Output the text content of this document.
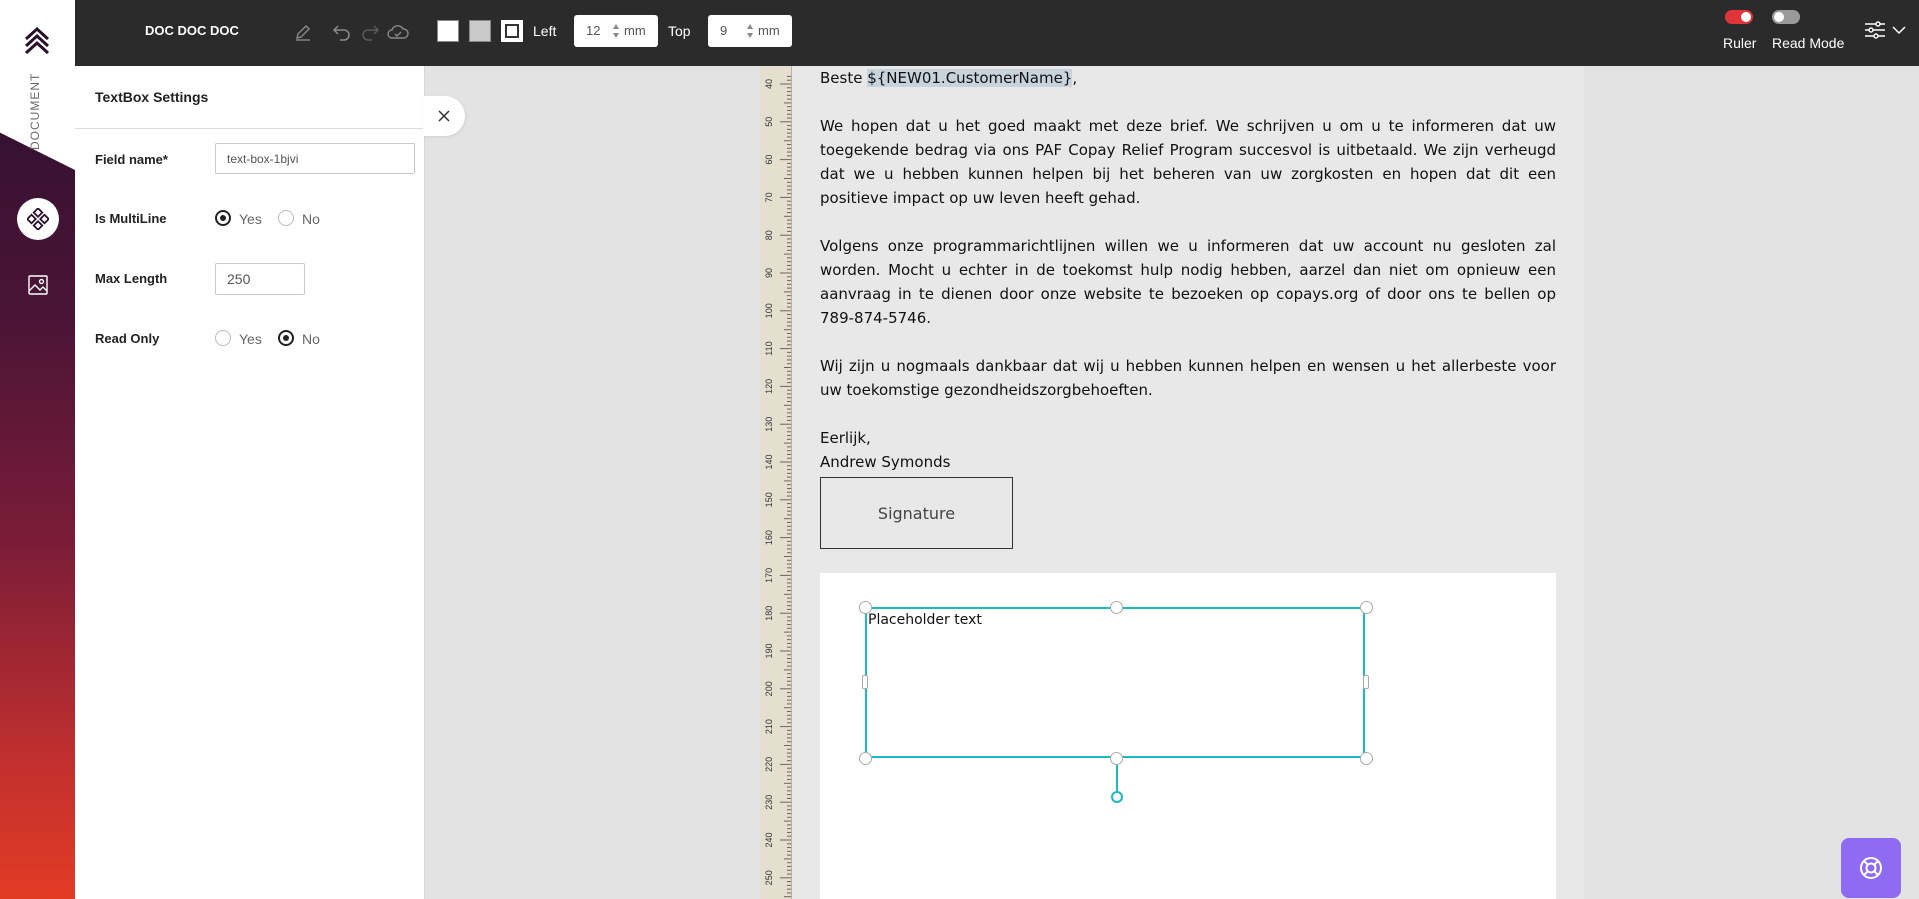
DOCUMENT
DOC DOC DOC	Left 12 mm Top 9 mm
Ruler Read Mode
TextBox Settings
Field name*	text-box-1bjvi
Is MultiLine	Yes	No
Max Length	250
Read Only	Yes	No
40
50
60
70
80
90
100
110
120
130
140
150
160
170
180
190
200
210
220
230
240
250
Beste ${NEW01.CustomerName},
We hopen dat u het goed maakt met deze brief. We schrijven u om u te informeren dat uw toegekende bedrag via ons PAF Copay Relief Program succesvol is uitbetaald. We zijn verheugd dat we u hebben kunnen helpen bij het beheren van uw zorgkosten en hopen dat dit een positieve impact op uw leven heeft gehad.
Volgens onze programmarichtlijnen willen we u informeren dat uw account nu gesloten zal worden. Mocht u echter in de toekomst hulp nodig hebben, aarzel dan niet om opnieuw een aanvraag in te dienen door onze website te bezoeken op copays.org of door ons te bellen op 789-874-5746.
Wij zijn u nogmaals dankbaar dat wij u hebben kunnen helpen en wensen u het allerbeste voor uw toekomstige gezondheidszorgbehoeften.
Eerlijk,
Andrew Symonds
Signature
Placeholder text
